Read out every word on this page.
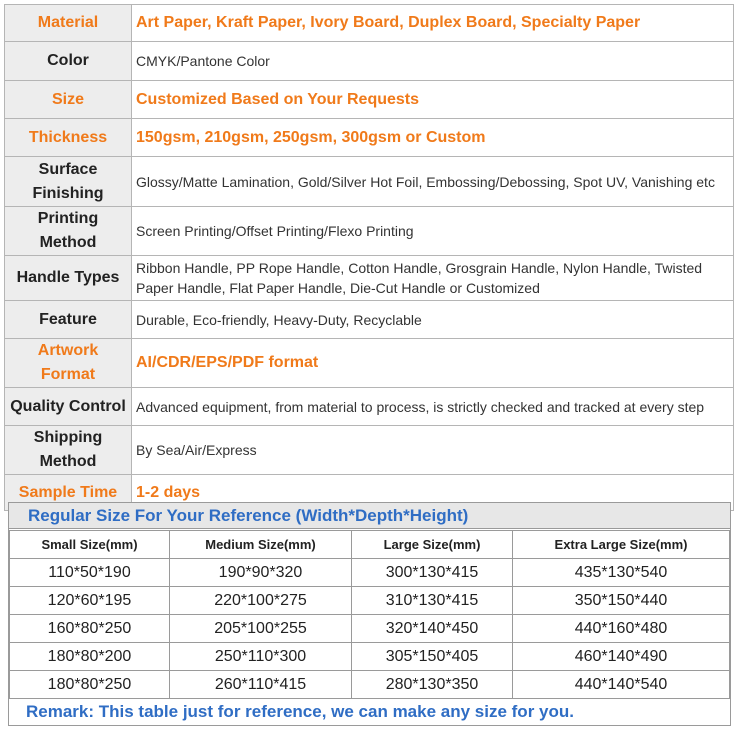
Material	Art Paper, Kraft Paper, Ivory Board, Duplex Board, Specialty Paper
Color	CMYK/Pantone Color
Size	Customized Based on Your Requests
Thickness	150gsm, 210gsm, 250gsm, 300gsm or Custom
Surface Finishing	Glossy/Matte Lamination, Gold/Silver Hot Foil, Embossing/Debossing, Spot UV, Vanishing etc
Printing Method	Screen Printing/Offset Printing/Flexo Printing
Handle Types	Ribbon Handle, PP Rope Handle, Cotton Handle, Grosgrain Handle, Nylon Handle, Twisted Paper Handle, Flat Paper Handle, Die-Cut Handle or Customized
Feature	Durable, Eco-friendly, Heavy-Duty, Recyclable
Artwork Format	AI/CDR/EPS/PDF format
Quality Control	Advanced equipment, from material to process, is strictly checked and tracked at every step
Shipping Method	By Sea/Air/Express
Sample Time	1-2 days
Regular Size For Your Reference (Width*Depth*Height)
Small Size(mm)	Medium Size(mm)	Large Size(mm)	Extra Large Size(mm)
110*50*190	190*90*320	300*130*415	435*130*540
120*60*195	220*100*275	310*130*415	350*150*440
160*80*250	205*100*255	320*140*450	440*160*480
180*80*200	250*110*300	305*150*405	460*140*490
180*80*250	260*110*415	280*130*350	440*140*540
Remark: This table just for reference, we can make any size for you.
